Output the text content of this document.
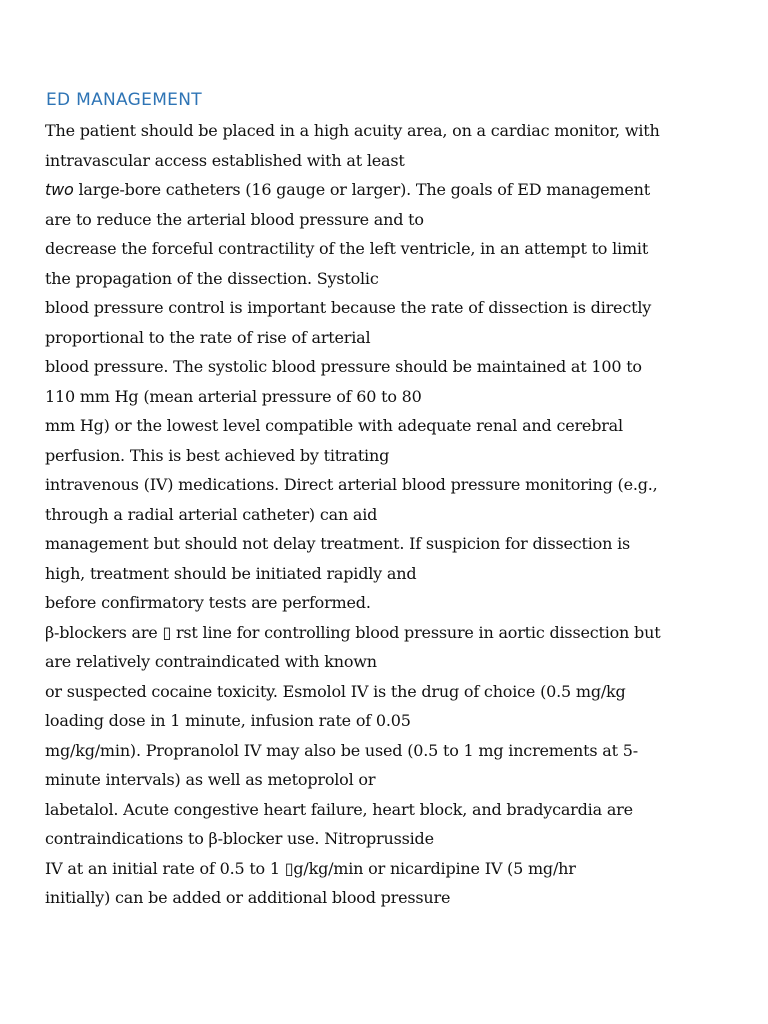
ED MANAGEMENT
The patient should be placed in a high acuity area, on a cardiac monitor, with
intravascular access established with at least
two large-bore catheters (16 gauge or larger). The goals of ED management
are to reduce the arterial blood pressure and to
decrease the forceful contractility of the left ventricle, in an attempt to limit
the propagation of the dissection. Systolic
blood pressure control is important because the rate of dissection is directly
proportional to the rate of rise of arterial
blood pressure. The systolic blood pressure should be maintained at 100 to
110 mm Hg (mean arterial pressure of 60 to 80
mm Hg) or the lowest level compatible with adequate renal and cerebral
perfusion. This is best achieved by titrating
intravenous (IV) medications. Direct arterial blood pressure monitoring (e.g.,
through a radial arterial catheter) can aid
management but should not delay treatment. If suspicion for dissection is
high, treatment should be initiated rapidly and
before confirmatory tests are performed.
β-blockers are ▯ rst line for controlling blood pressure in aortic dissection but
are relatively contraindicated with known
or suspected cocaine toxicity. Esmolol IV is the drug of choice (0.5 mg/kg
loading dose in 1 minute, infusion rate of 0.05
mg/kg/min). Propranolol IV may also be used (0.5 to 1 mg increments at 5-
minute intervals) as well as metoprolol or
labetalol. Acute congestive heart failure, heart block, and bradycardia are
contraindications to β-blocker use. Nitroprusside
IV at an initial rate of 0.5 to 1 ▯g/kg/min or nicardipine IV (5 mg/hr
initially) can be added or additional blood pressure
